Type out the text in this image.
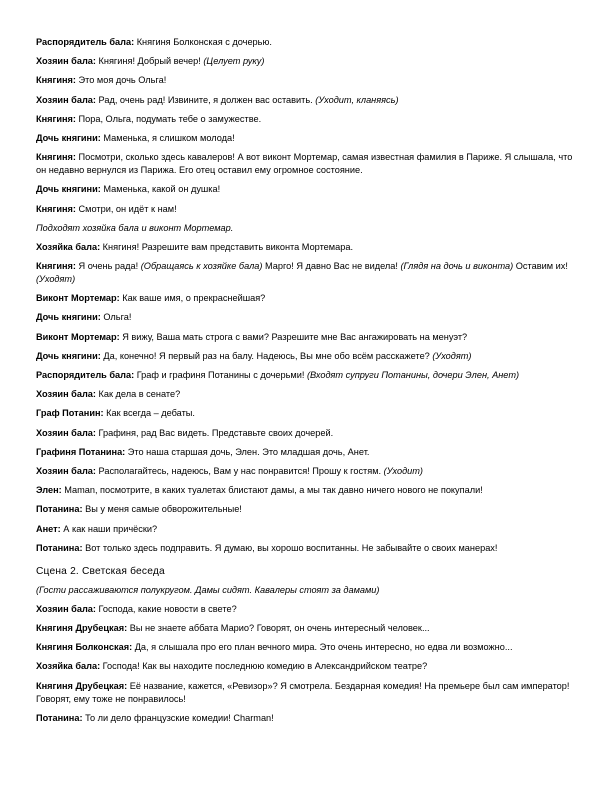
Распорядитель бала: Княгиня Болконская с дочерью.
Хозяин бала: Княгиня! Добрый вечер! (Целует руку)
Княгиня: Это моя дочь Ольга!
Хозяин бала: Рад, очень рад! Извините, я должен вас оставить. (Уходит, кланяясь)
Княгиня: Пора, Ольга, подумать тебе о замужестве.
Дочь княгини: Маменька, я слишком молода!
Княгиня: Посмотри, сколько здесь кавалеров! А вот виконт Мортемар, самая известная фамилия в Париже. Я слышала, что он недавно вернулся из Парижа. Его отец оставил ему огромное состояние.
Дочь княгини: Маменька, какой он душка!
Княгиня: Смотри, он идёт к нам!
Подходят хозяйка бала и виконт Мортемар.
Хозяйка бала: Княгиня! Разрешите вам представить виконта Мортемара.
Княгиня: Я очень рада! (Обращаясь к хозяйке бала) Марго! Я давно Вас не видела! (Глядя на дочь и виконта) Оставим их! (Уходят)
Виконт Мортемар: Как ваше имя, о прекраснейшая?
Дочь княгини: Ольга!
Виконт Мортемар: Я вижу, Ваша мать строга с вами? Разрешите мне Вас ангажировать на менуэт?
Дочь княгини: Да, конечно! Я первый раз на балу. Надеюсь, Вы мне обо всём расскажете? (Уходят)
Распорядитель бала: Граф и графиня Потанины с дочерьми! (Входят супруги Потанины, дочери Элен, Анет)
Хозяин бала: Как дела в сенате?
Граф Потанин: Как всегда – дебаты.
Хозяин бала: Графиня, рад Вас видеть. Представьте своих дочерей.
Графиня Потанина: Это наша старшая дочь, Элен. Это младшая дочь, Анет.
Хозяин бала: Располагайтесь, надеюсь, Вам у нас понравится! Прошу к гостям. (Уходит)
Элен: Maman, посмотрите, в каких туалетах блистают дамы, а мы так давно ничего нового не покупали!
Потанина: Вы у меня самые обворожительные!
Анет: А как наши причёски?
Потанина: Вот только здесь подправить. Я думаю, вы хорошо воспитанны. Не забывайте о своих манерах!
Сцена 2. Светская беседа
(Гости рассаживаются полукругом. Дамы сидят. Кавалеры стоят за дамами)
Хозяин бала: Господа, какие новости в свете?
Княгиня Друбецкая: Вы не знаете аббата Марио? Говорят, он очень интересный человек...
Княгиня Болконская: Да, я слышала про его план вечного мира. Это очень интересно, но едва ли возможно...
Хозяйка бала: Господа! Как вы находите последнюю комедию в Александрийском театре?
Княгиня Друбецкая: Её название, кажется, «Ревизор»? Я смотрела. Бездарная комедия! На премьере был сам император! Говорят, ему тоже не понравилось!
Потанина: То ли дело французские комедии! Charman!
